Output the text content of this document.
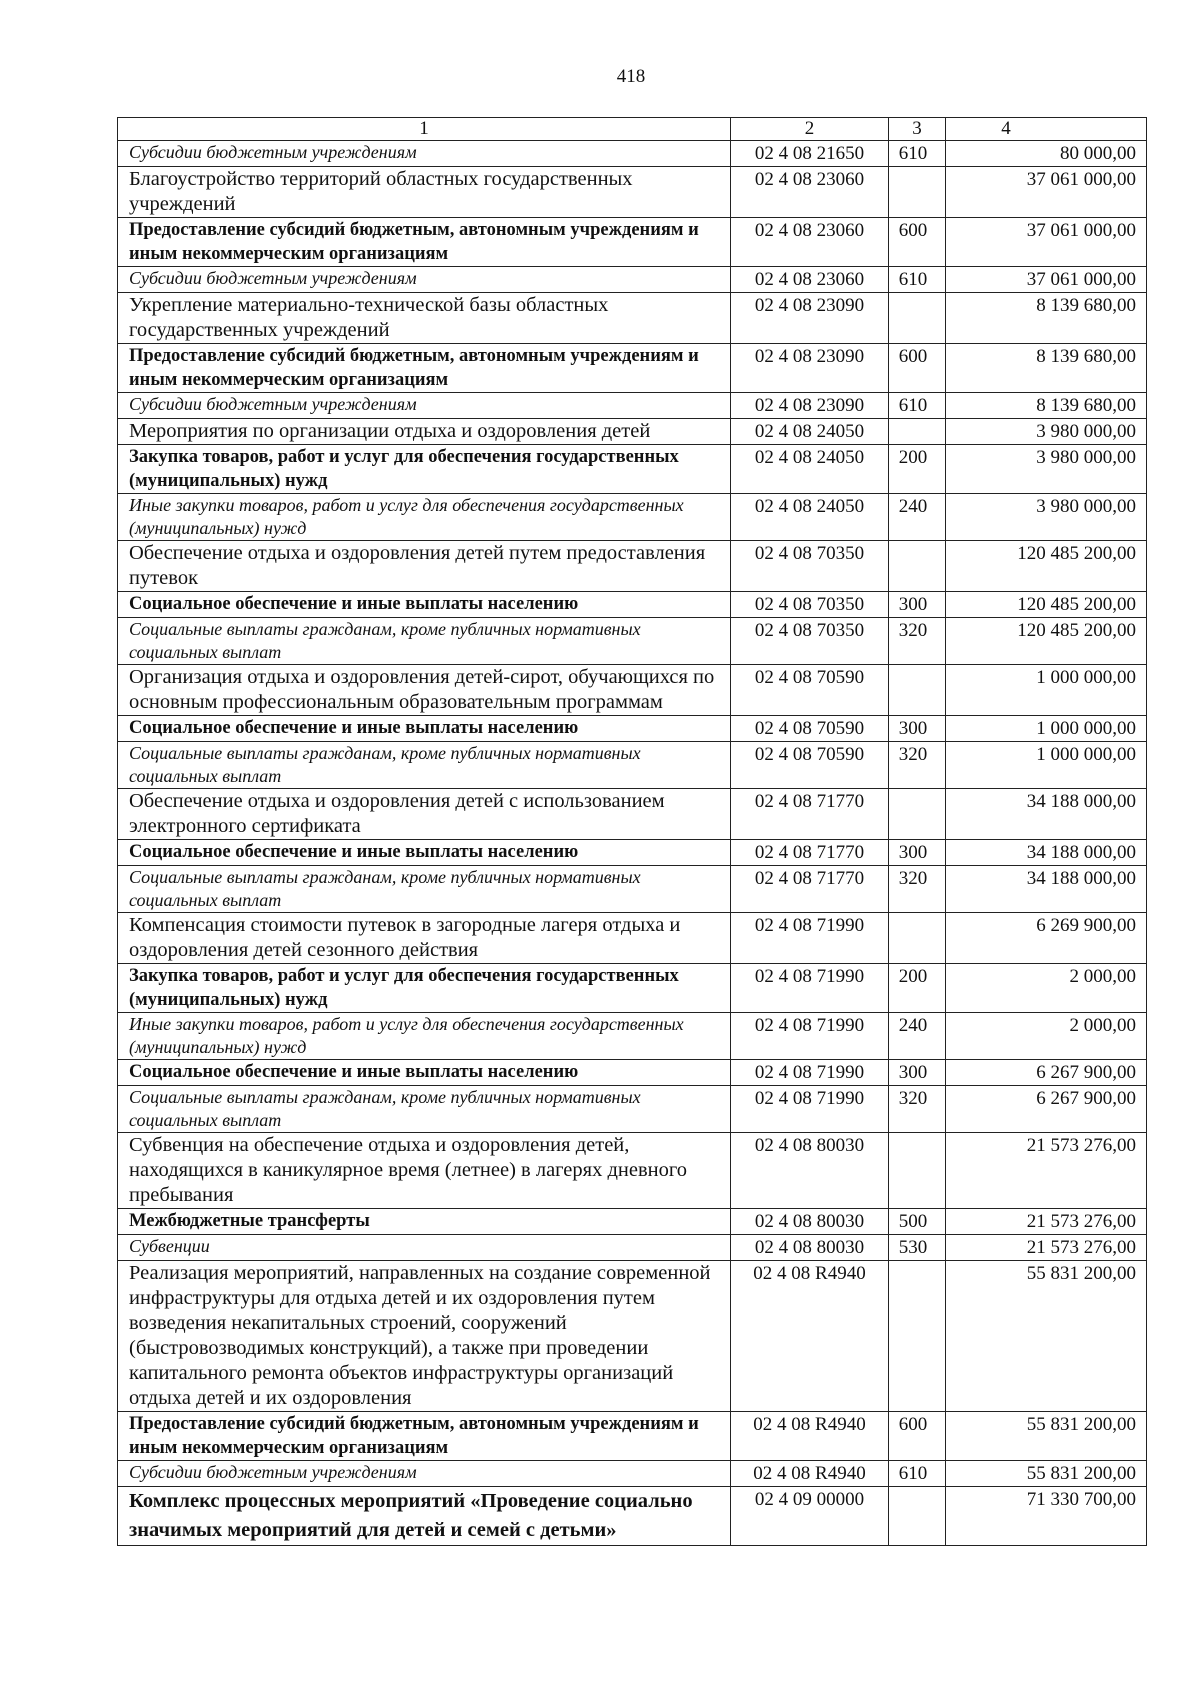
418
1	2	3	4
Субсидии бюджетным учреждениям	02 4 08 21650	610	80 000,00
Благоустройство территорий областных государственных учреждений	02 4 08 23060		37 061 000,00
Предоставление субсидий бюджетным, автономным учреждениям и иным некоммерческим организациям	02 4 08 23060	600	37 061 000,00
Субсидии бюджетным учреждениям	02 4 08 23060	610	37 061 000,00
Укрепление материально-технической базы областных государственных учреждений	02 4 08 23090		8 139 680,00
Предоставление субсидий бюджетным, автономным учреждениям и иным некоммерческим организациям	02 4 08 23090	600	8 139 680,00
Субсидии бюджетным учреждениям	02 4 08 23090	610	8 139 680,00
Мероприятия по организации отдыха и оздоровления детей	02 4 08 24050		3 980 000,00
Закупка товаров, работ и услуг для обеспечения государственных (муниципальных) нужд	02 4 08 24050	200	3 980 000,00
Иные закупки товаров, работ и услуг для обеспечения государственных (муниципальных) нужд	02 4 08 24050	240	3 980 000,00
Обеспечение отдыха и оздоровления детей путем предоставления путевок	02 4 08 70350		120 485 200,00
Социальное обеспечение и иные выплаты населению	02 4 08 70350	300	120 485 200,00
Социальные выплаты гражданам, кроме публичных нормативных социальных выплат	02 4 08 70350	320	120 485 200,00
Организация отдыха и оздоровления детей-сирот, обучающихся по основным профессиональным образовательным программам	02 4 08 70590		1 000 000,00
Социальное обеспечение и иные выплаты населению	02 4 08 70590	300	1 000 000,00
Социальные выплаты гражданам, кроме публичных нормативных социальных выплат	02 4 08 70590	320	1 000 000,00
Обеспечение отдыха и оздоровления детей с использованием электронного сертификата	02 4 08 71770		34 188 000,00
Социальное обеспечение и иные выплаты населению	02 4 08 71770	300	34 188 000,00
Социальные выплаты гражданам, кроме публичных нормативных социальных выплат	02 4 08 71770	320	34 188 000,00
Компенсация стоимости путевок в загородные лагеря отдыха и оздоровления детей сезонного действия	02 4 08 71990		6 269 900,00
Закупка товаров, работ и услуг для обеспечения государственных (муниципальных) нужд	02 4 08 71990	200	2 000,00
Иные закупки товаров, работ и услуг для обеспечения государственных (муниципальных) нужд	02 4 08 71990	240	2 000,00
Социальное обеспечение и иные выплаты населению	02 4 08 71990	300	6 267 900,00
Социальные выплаты гражданам, кроме публичных нормативных социальных выплат	02 4 08 71990	320	6 267 900,00
Субвенция на обеспечение отдыха и оздоровления детей, находящихся в каникулярное время (летнее) в лагерях дневного пребывания	02 4 08 80030		21 573 276,00
Межбюджетные трансферты	02 4 08 80030	500	21 573 276,00
Субвенции	02 4 08 80030	530	21 573 276,00
Реализация мероприятий, направленных на создание современной инфраструктуры для отдыха детей и их оздоровления путем возведения некапитальных строений, сооружений (быстровозводимых конструкций), а также при проведении капитального ремонта объектов инфраструктуры организаций отдыха детей и их оздоровления	02 4 08 R4940		55 831 200,00
Предоставление субсидий бюджетным, автономным учреждениям и иным некоммерческим организациям	02 4 08 R4940	600	55 831 200,00
Субсидии бюджетным учреждениям	02 4 08 R4940	610	55 831 200,00
Комплекс процессных мероприятий «Проведение социально значимых мероприятий для детей и семей с детьми»	02 4 09 00000		71 330 700,00
